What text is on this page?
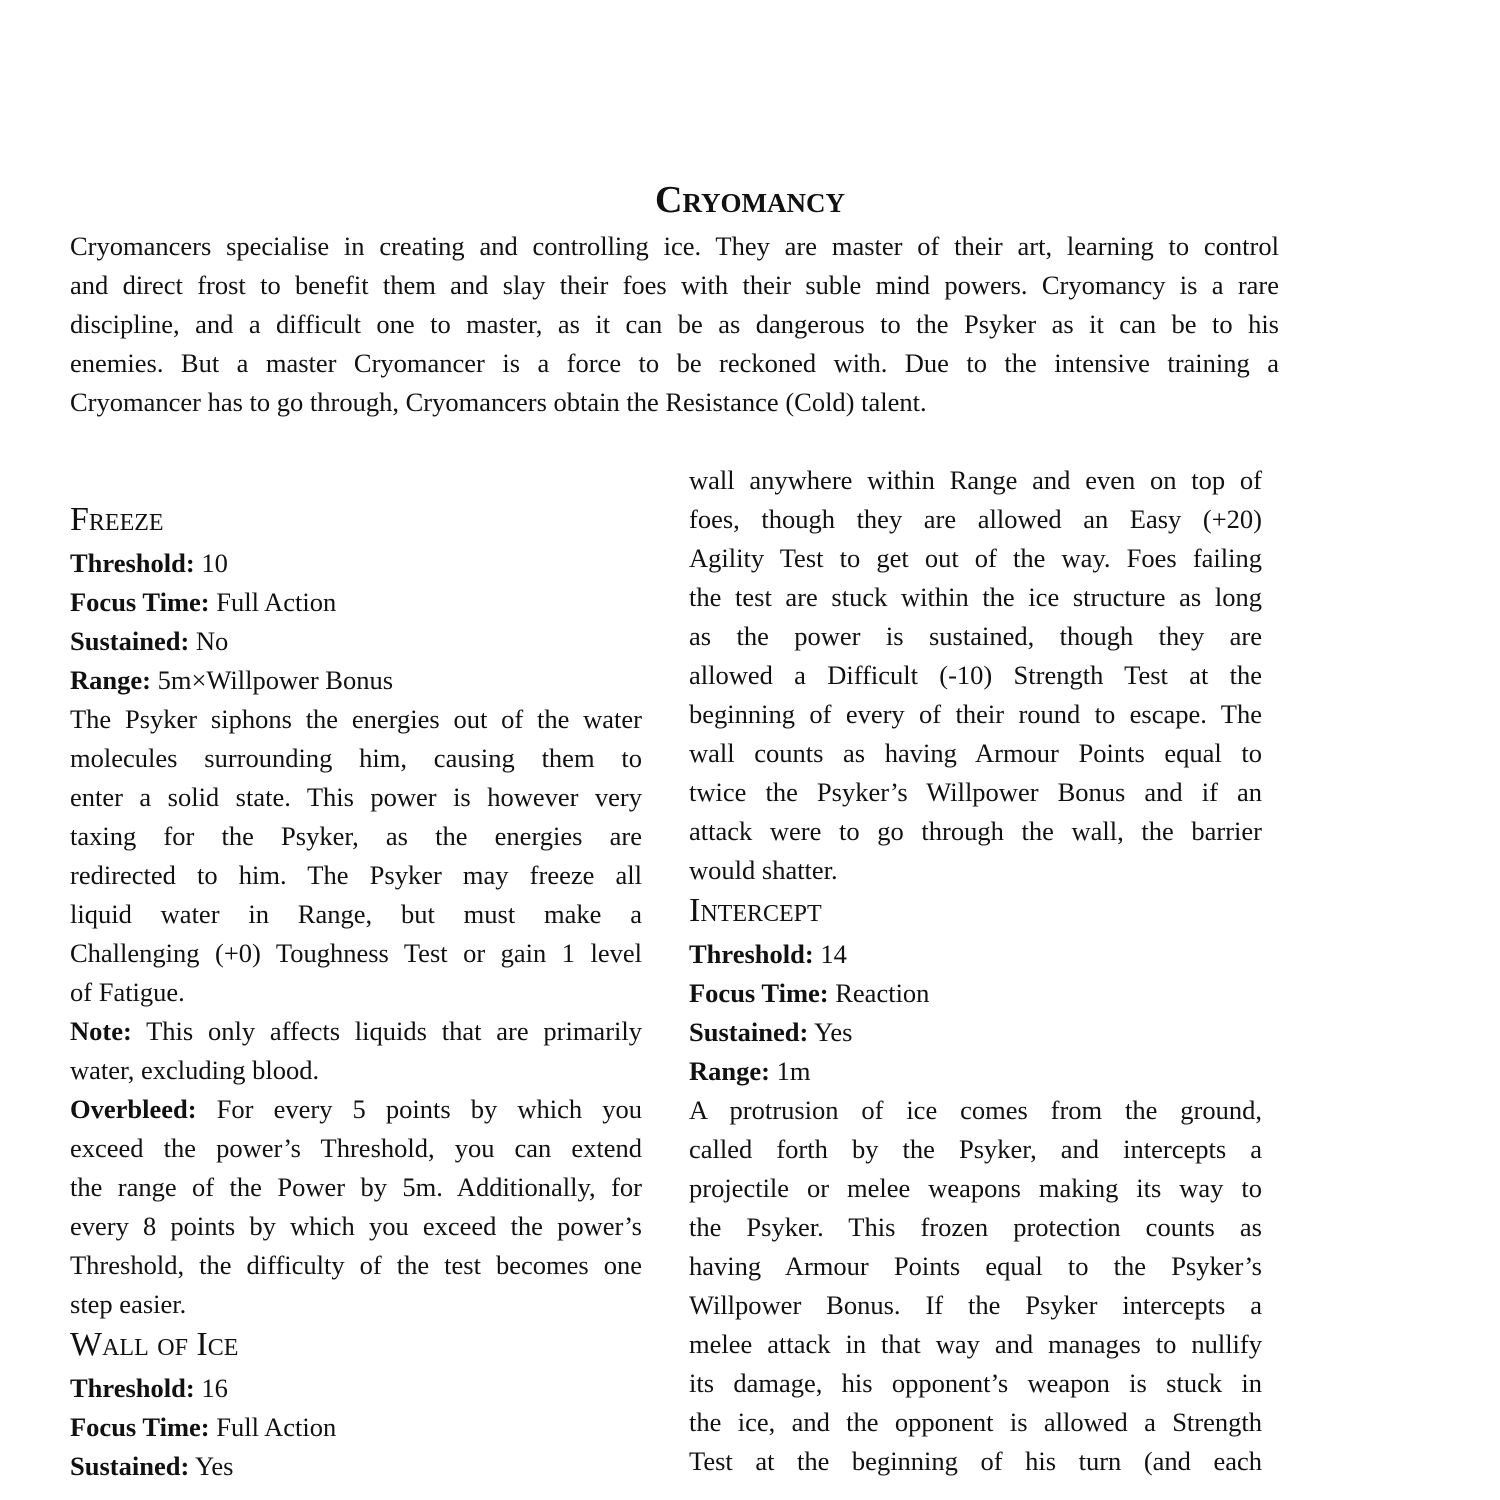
Cryomancy
Cryomancers specialise in creating and controlling ice. They are master of their art, learning to control
and direct frost to benefit them and slay their foes with their suble mind powers. Cryomancy is a rare
discipline, and a difficult one to master, as it can be as dangerous to the Psyker as it can be to his
enemies. But a master Cryomancer is a force to be reckoned with. Due to the intensive training a
Cryomancer has to go through, Cryomancers obtain the Resistance (Cold) talent.
Freeze
Threshold: 10
Focus Time: Full Action
Sustained: No
Range: 5m×Willpower Bonus
The Psyker siphons the energies out of the water
molecules surrounding him, causing them to
enter a solid state. This power is however very
taxing for the Psyker, as the energies are
redirected to him. The Psyker may freeze all
liquid water in Range, but must make a
Challenging (+0) Toughness Test or gain 1 level
of Fatigue.
Note: This only affects liquids that are primarily
water, excluding blood.
Overbleed: For every 5 points by which you
exceed the power’s Threshold, you can extend
the range of the Power by 5m. Additionally, for
every 8 points by which you exceed the power’s
Threshold, the difficulty of the test becomes one
step easier.
Wall of Ice
Threshold: 16
Focus Time: Full Action
Sustained: Yes
wall anywhere within Range and even on top of
foes, though they are allowed an Easy (+20)
Agility Test to get out of the way. Foes failing
the test are stuck within the ice structure as long
as the power is sustained, though they are
allowed a Difficult (-10) Strength Test at the
beginning of every of their round to escape. The
wall counts as having Armour Points equal to
twice the Psyker’s Willpower Bonus and if an
attack were to go through the wall, the barrier
would shatter.
Intercept
Threshold: 14
Focus Time: Reaction
Sustained: Yes
Range: 1m
A protrusion of ice comes from the ground,
called forth by the Psyker, and intercepts a
projectile or melee weapons making its way to
the Psyker. This frozen protection counts as
having Armour Points equal to the Psyker’s
Willpower Bonus. If the Psyker intercepts a
melee attack in that way and manages to nullify
its damage, his opponent’s weapon is stuck in
the ice, and the opponent is allowed a Strength
Test at the beginning of his turn (and each
